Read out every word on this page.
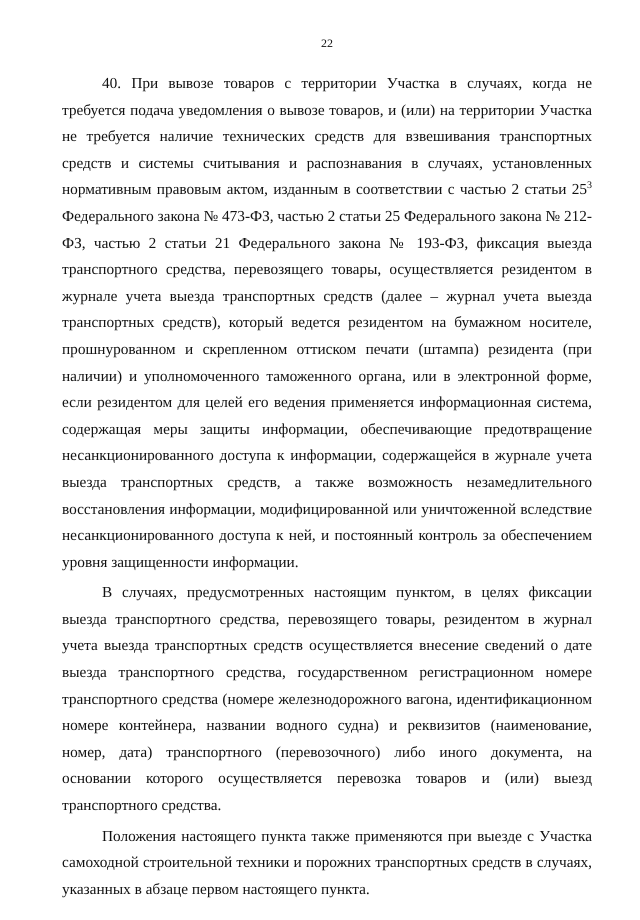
22

40. При вывозе товаров с территории Участка в случаях, когда не требуется подача уведомления о вывозе товаров, и (или) на территории Участка не требуется наличие технических средств для взвешивания транспортных средств и системы считывания и распознавания в случаях, установленных нормативным правовым актом, изданным в соответствии с частью 2 статьи $25^3$ Федерального закона № 473-ФЗ, частью 2 статьи 25 Федерального закона № 212-ФЗ, частью 2 статьи 21 Федерального закона № 193-ФЗ, фиксация выезда транспортного средства, перевозящего товары, осуществляется резидентом в журнале учета выезда транспортных средств (далее – журнал учета выезда транспортных средств), который ведется резидентом на бумажном носителе, прошнурованном и скрепленном оттиском печати (штампа) резидента (при наличии) и уполномоченного таможенного органа, или в электронной форме, если резидентом для целей его ведения применяется информационная система, содержащая меры защиты информации, обеспечивающие предотвращение несанкционированного доступа к информации, содержащейся в журнале учета выезда транспортных средств, а также возможность незамедлительного восстановления информации, модифицированной или уничтоженной вследствие несанкционированного доступа к ней, и постоянный контроль за обеспечением уровня защищенности информации.

В случаях, предусмотренных настоящим пунктом, в целях фиксации выезда транспортного средства, перевозящего товары, резидентом в журнал учета выезда транспортных средств осуществляется внесение сведений о дате выезда транспортного средства, государственном регистрационном номере транспортного средства (номере железнодорожного вагона, идентификационном номере контейнера, названии водного судна) и реквизитов (наименование, номер, дата) транспортного (перевозочного) либо иного документа, на основании которого осуществляется перевозка товаров и (или) выезд транспортного средства.

Положения настоящего пункта также применяются при выезде с Участка самоходной строительной техники и порожних транспортных средств в случаях, указанных в абзаце первом настоящего пункта.
